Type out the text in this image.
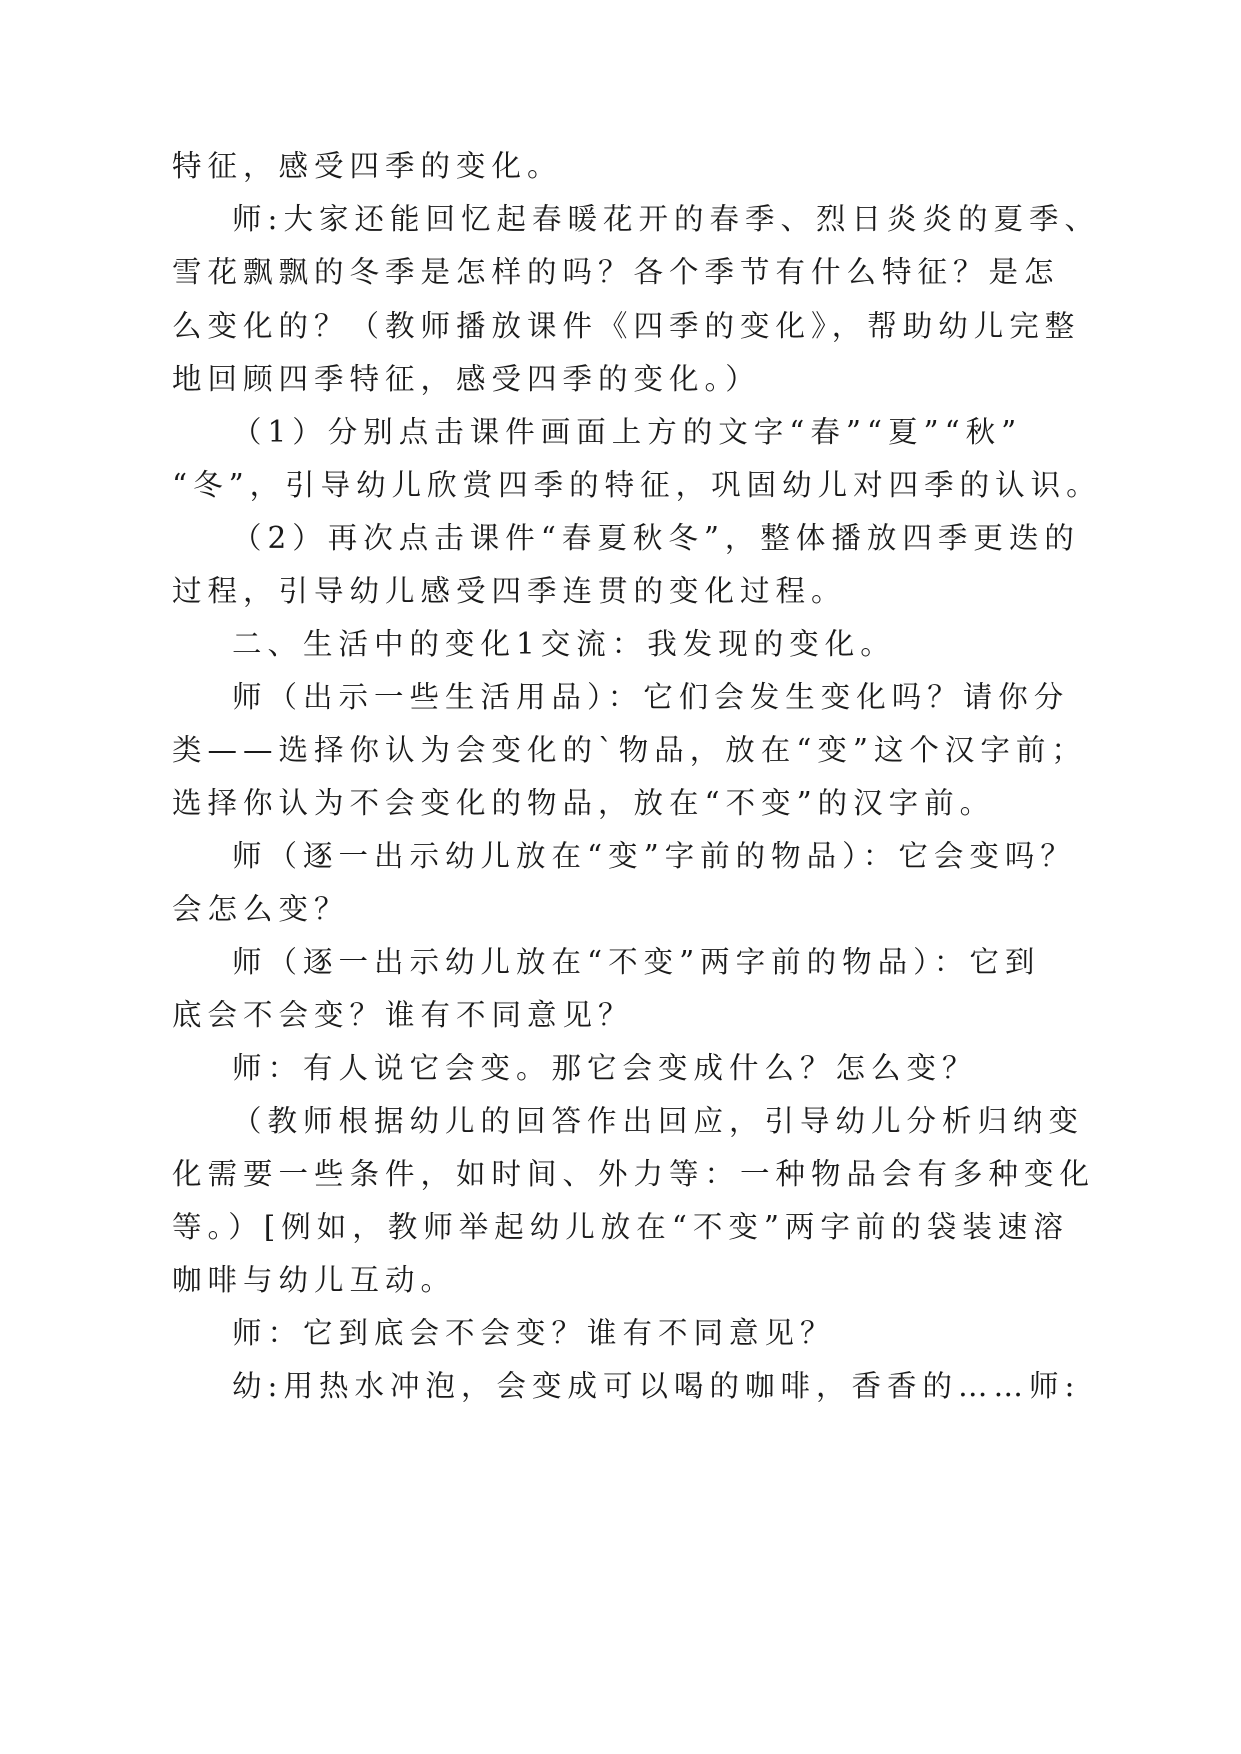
特征，感受四季的变化。
师:大家还能回忆起春暖花开的春季、烈日炎炎的夏季、
雪花飘飘的冬季是怎样的吗？各个季节有什么特征？是怎
么变化的？（教师播放课件《四季的变化》，帮助幼儿完整
地回顾四季特征，感受四季的变化。）
（1）分别点击课件画面上方的文字“春”“夏”“秋”
“冬”，引导幼儿欣赏四季的特征，巩固幼儿对四季的认识。
（2）再次点击课件“春夏秋冬”，整体播放四季更迭的
过程，引导幼儿感受四季连贯的变化过程。
二、生活中的变化1交流：我发现的变化。
师（出示一些生活用品）：它们会发生变化吗？请你分
类——选择你认为会变化的`物品，放在“变”这个汉字前；
选择你认为不会变化的物品，放在“不变”的汉字前。
师（逐一出示幼儿放在“变”字前的物品）：它会变吗？
会怎么变？
师（逐一出示幼儿放在“不变”两字前的物品）：它到
底会不会变？谁有不同意见？
师：有人说它会变。那它会变成什么？怎么变？
（教师根据幼儿的回答作出回应，引导幼儿分析归纳变
化需要一些条件，如时间、外力等：一种物品会有多种变化
等。）[例如，教师举起幼儿放在“不变”两字前的袋装速溶
咖啡与幼儿互动。
师：它到底会不会变？谁有不同意见？
幼:用热水冲泡，会变成可以喝的咖啡，香香的……师:
